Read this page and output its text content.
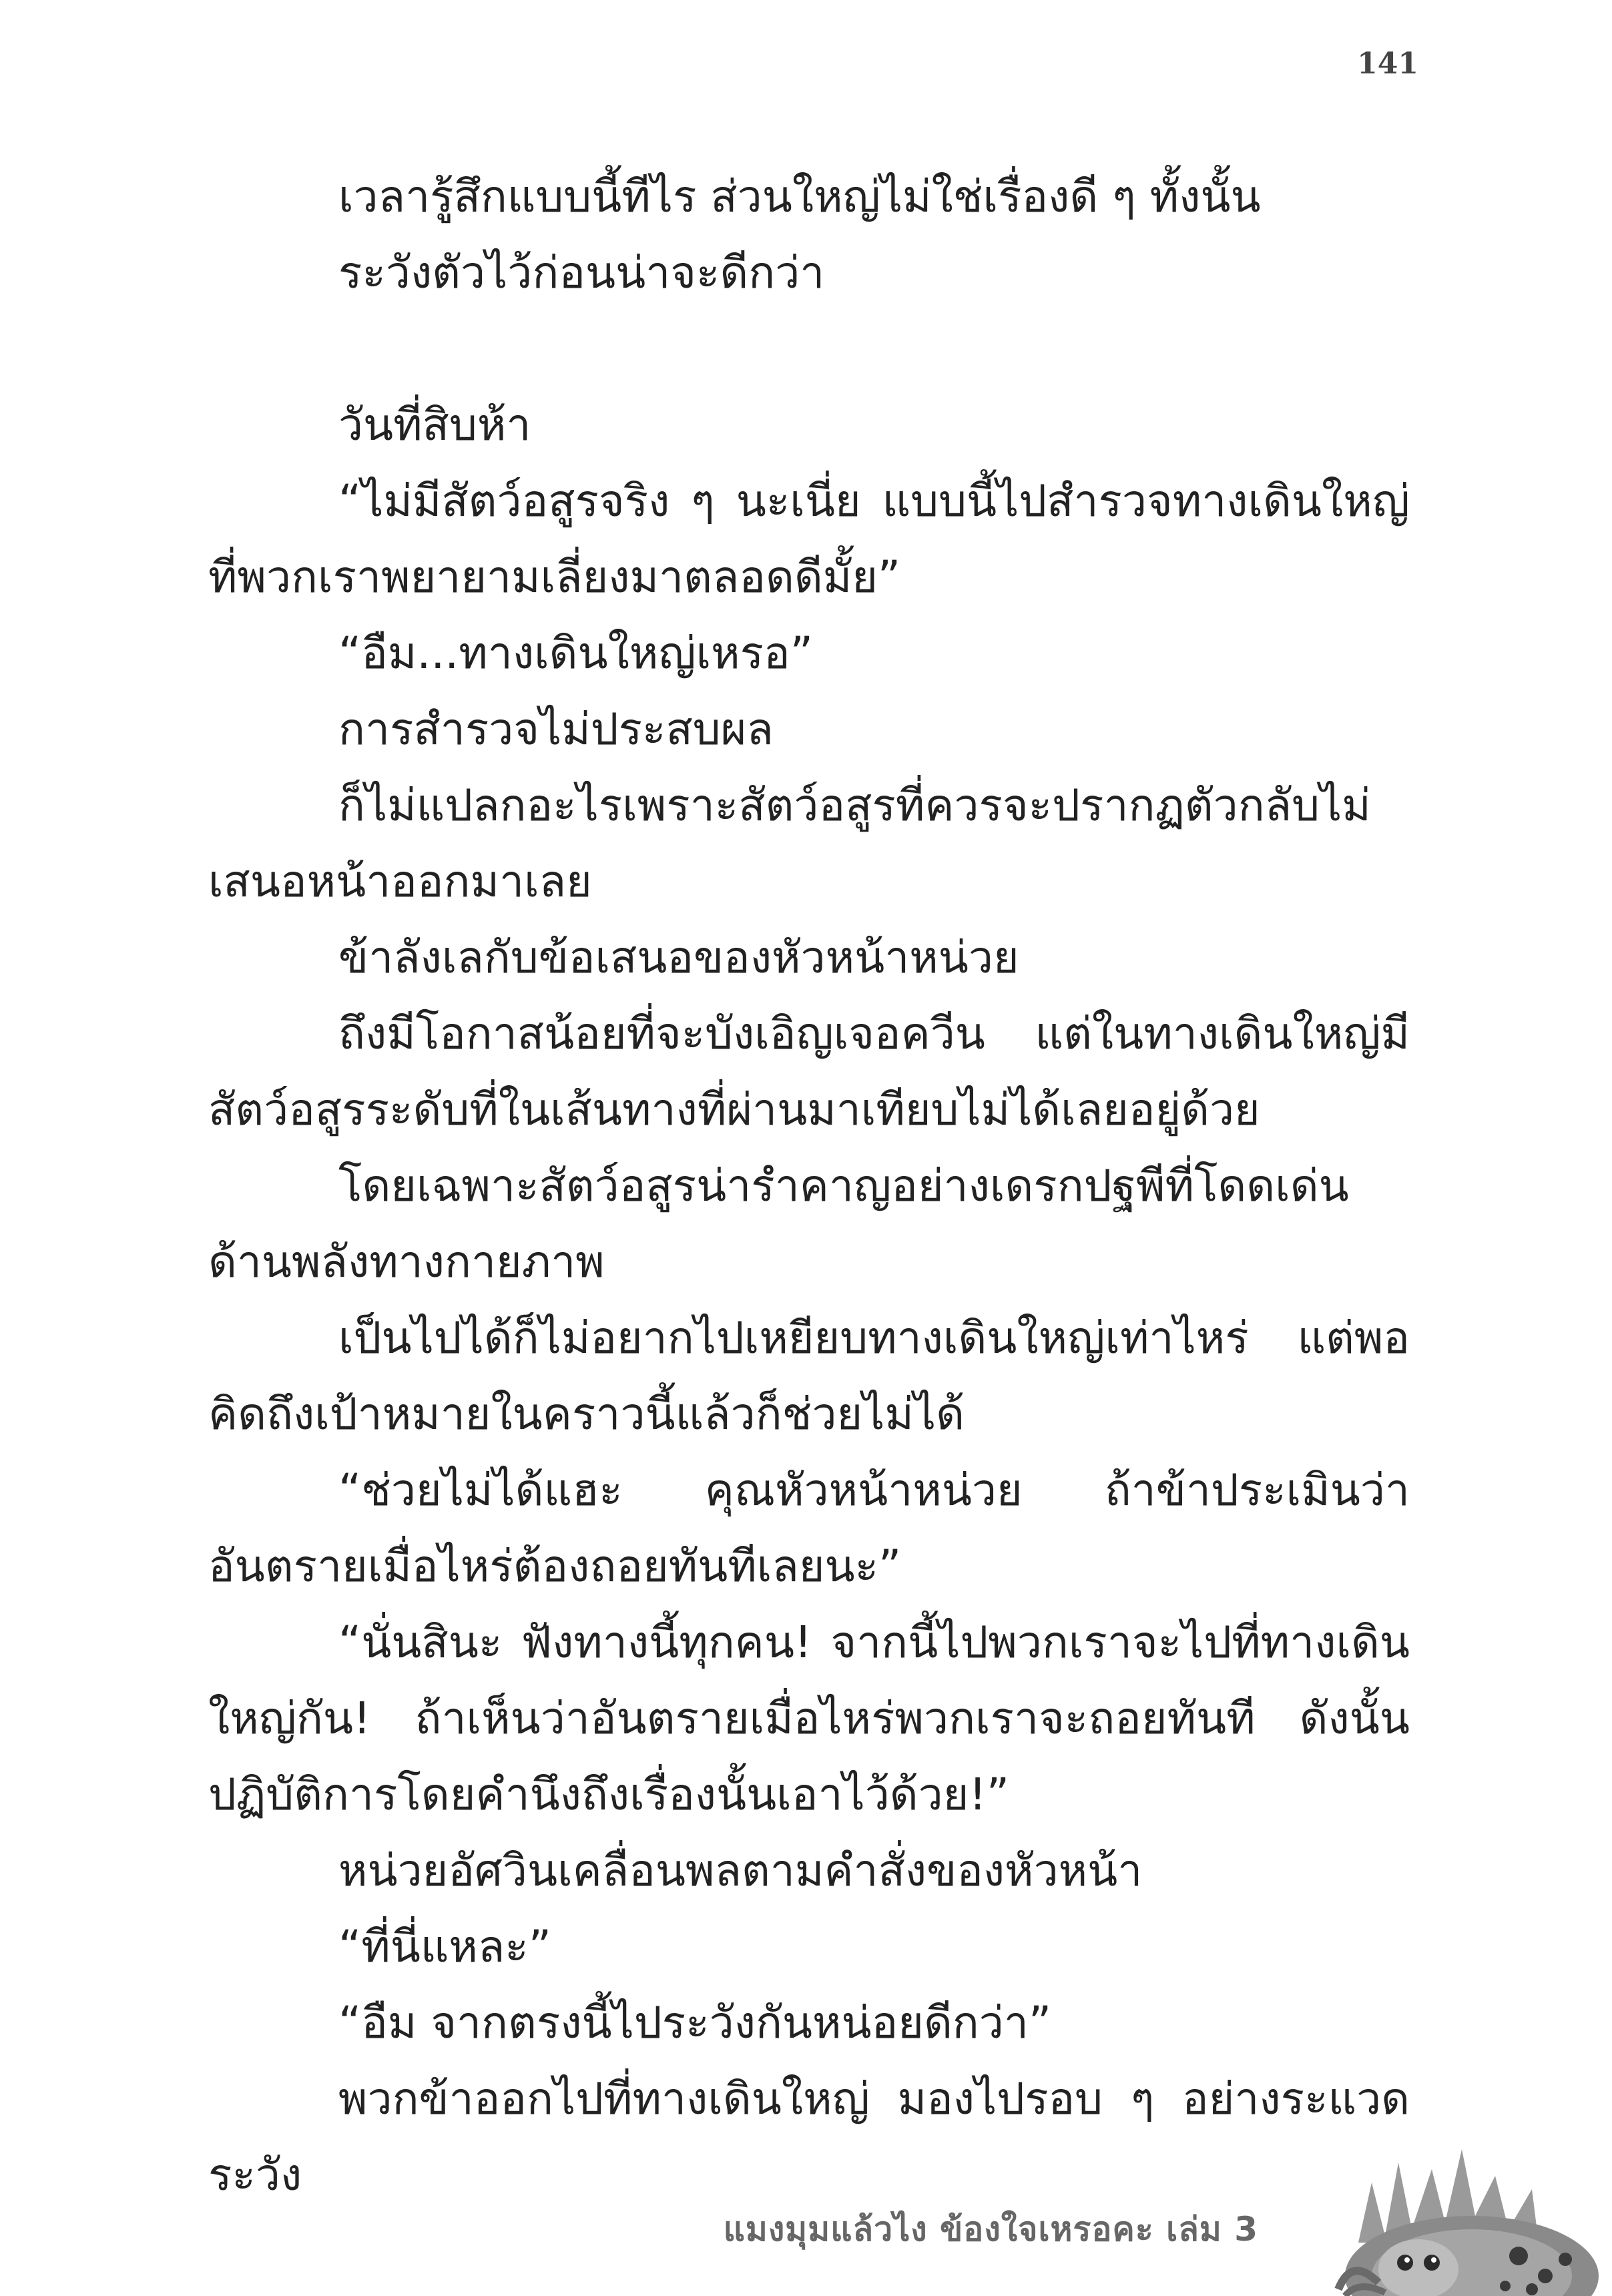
141

เวลารู้สึกแบบนี้ทีไร ส่วนใหญ่ไม่ใช่เรื่องดี ๆ ทั้งนั้น

ระวังตัวไว้ก่อนน่าจะดีกว่า

วันที่สิบห้า

“ไม่มีสัตว์อสูรจริง ๆ นะเนี่ย แบบนี้ไปสำรวจทางเดินใหญ่ที่พวกเราพยายามเลี่ยงมาตลอดดีมั้ย”

“อืม...ทางเดินใหญ่เหรอ”

การสำรวจไม่ประสบผล

ก็ไม่แปลกอะไรเพราะสัตว์อสูรที่ควรจะปรากฏตัวกลับไม่เสนอหน้าออกมาเลย

ข้าลังเลกับข้อเสนอของหัวหน้าหน่วย

ถึงมีโอกาสน้อยที่จะบังเอิญเจอควีน แต่ในทางเดินใหญ่มีสัตว์อสูรระดับที่ในเส้นทางที่ผ่านมาเทียบไม่ได้เลยอยู่ด้วย

โดยเฉพาะสัตว์อสูรน่ารำคาญอย่างเดรกปฐพีที่โดดเด่นด้านพลังทางกายภาพ

เป็นไปได้ก็ไม่อยากไปเหยียบทางเดินใหญ่เท่าไหร่ แต่พอคิดถึงเป้าหมายในคราวนี้แล้วก็ช่วยไม่ได้

“ช่วยไม่ได้แฮะ คุณหัวหน้าหน่วย ถ้าข้าประเมินว่าอันตรายเมื่อไหร่ต้องถอยทันทีเลยนะ”

“นั่นสินะ ฟังทางนี้ทุกคน! จากนี้ไปพวกเราจะไปที่ทางเดินใหญ่กัน! ถ้าเห็นว่าอันตรายเมื่อไหร่พวกเราจะถอยทันที ดังนั้นปฏิบัติการโดยคำนึงถึงเรื่องนั้นเอาไว้ด้วย!”

หน่วยอัศวินเคลื่อนพลตามคำสั่งของหัวหน้า

“ที่นี่แหละ”

“อืม จากตรงนี้ไประวังกันหน่อยดีกว่า”

พวกข้าออกไปที่ทางเดินใหญ่ มองไปรอบ ๆ อย่างระแวดระวัง

แมงมุมแล้วไง ข้องใจเหรอคะ เล่ม 3
